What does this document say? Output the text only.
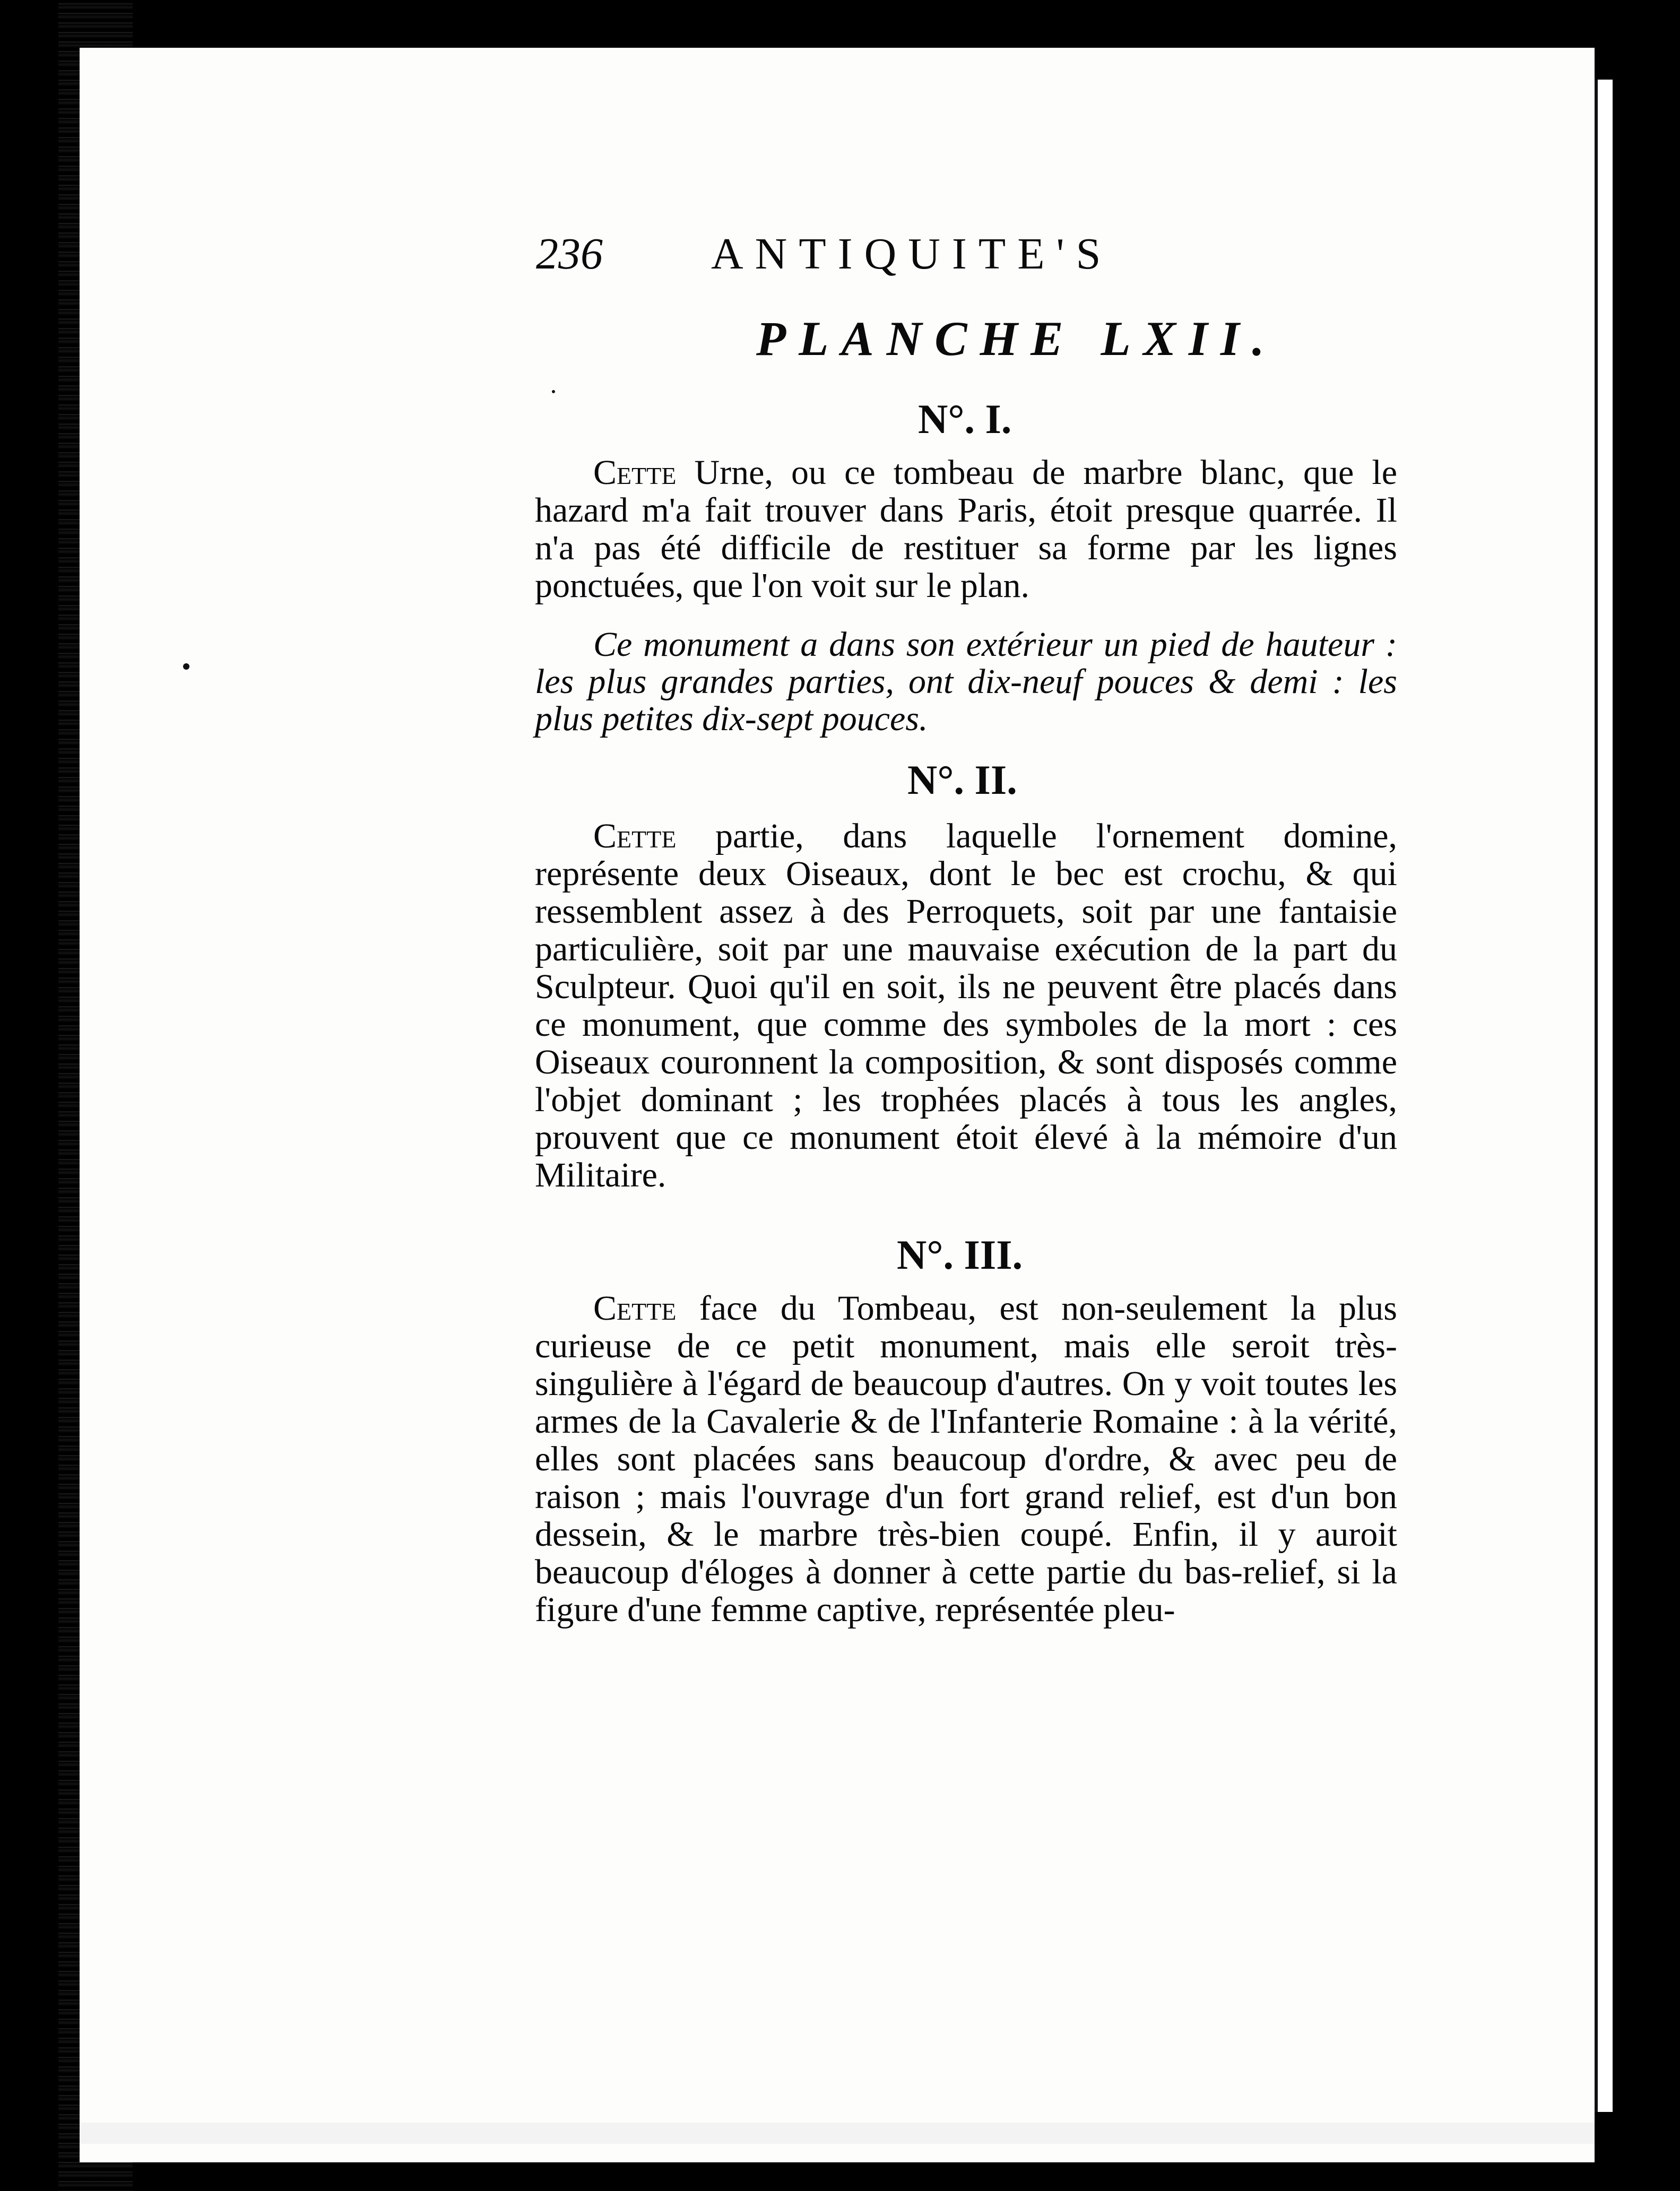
236 ANTIQUITE'S
PLANCHE LXII.
N°. I.

Cette Urne, ou ce tombeau de marbre blanc, que le hazard m'a fait trouver dans Paris, étoit presque quarrée. Il n'a pas été difficile de restituer sa forme par les lignes ponctuées, que l'on voit sur le plan.

Ce monument a dans son extérieur un pied de hauteur : les plus grandes parties, ont dix-neuf pouces & demi : les plus petites dix-sept pouces.

N°. II.

Cette partie, dans laquelle l'ornement domine, représente deux Oiseaux, dont le bec est crochu, & qui ressemblent assez à des Perroquets, soit par une fantaisie particulière, soit par une mauvaise exécution de la part du Sculpteur. Quoi qu'il en soit, ils ne peuvent être placés dans ce monument, que comme des symboles de la mort : ces Oiseaux couronnent la composition, & sont disposés comme l'objet dominant ; les trophées placés à tous les angles, prouvent que ce monument étoit élevé à la mémoire d'un Militaire.

N°. III.

Cette face du Tombeau, est non-seulement la plus curieuse de ce petit monument, mais elle seroit très-singulière à l'égard de beaucoup d'autres. On y voit toutes les armes de la Cavalerie & de l'Infanterie Romaine : à la vérité, elles sont placées sans beaucoup d'ordre, & avec peu de raison ; mais l'ouvrage d'un fort grand relief, est d'un bon dessein, & le marbre très-bien coupé. Enfin, il y auroit beaucoup d'éloges à donner à cette partie du bas-relief, si la figure d'une femme captive, représentée pleu-
